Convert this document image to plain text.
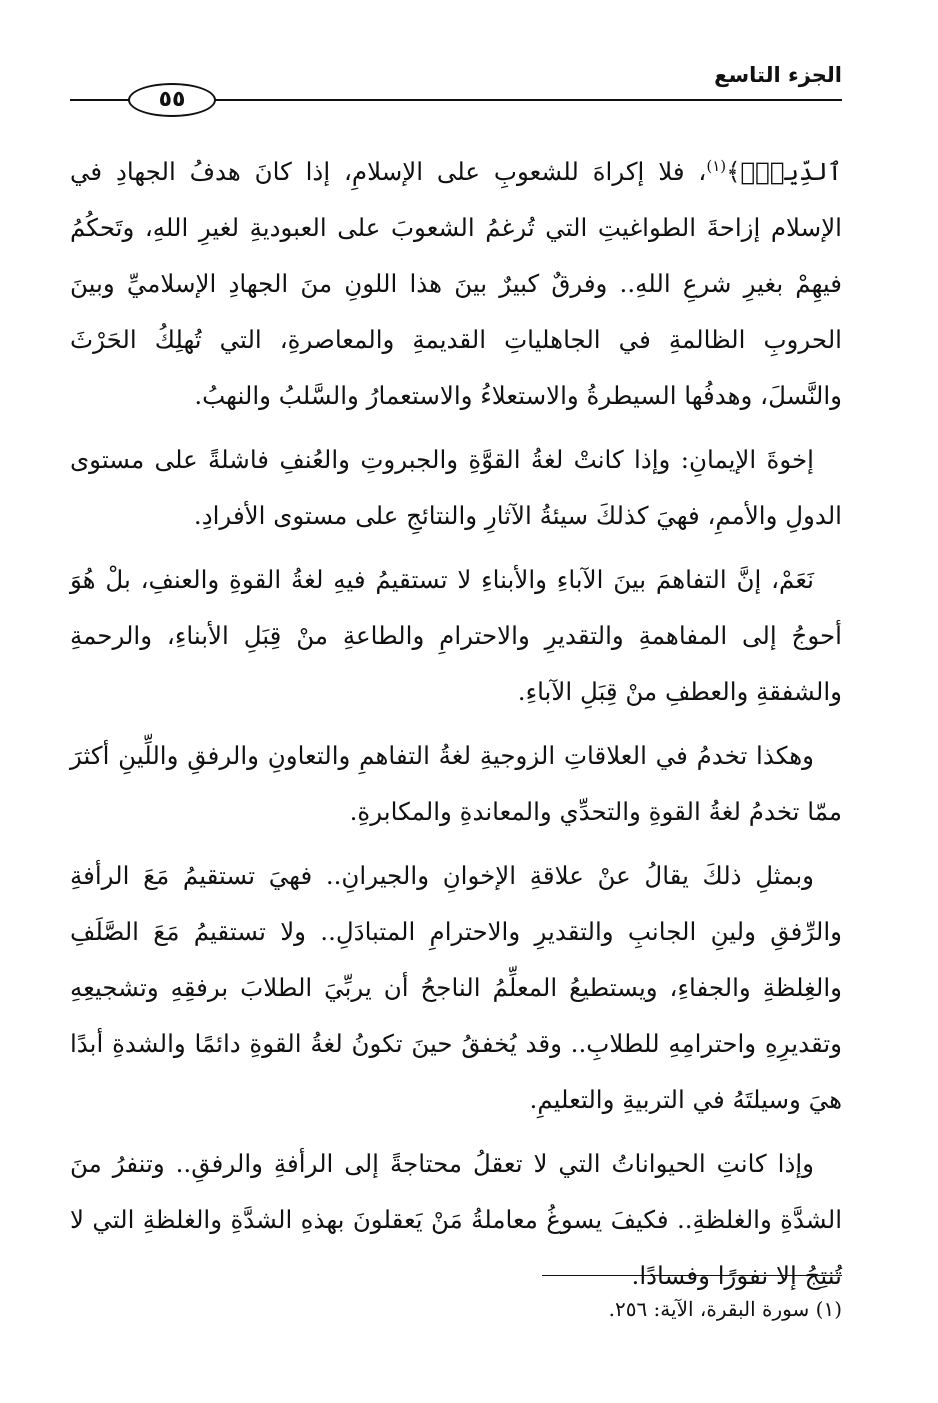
الجزء التاسع
٥٥

ٱلدِّينِۖ﴾$^{(١)}$، فلا إكراهَ للشعوبِ على الإسلامِ، إذا كانَ هدفُ الجهادِ في الإسلام إزاحةَ الطواغيتِ التي تُرغمُ الشعوبَ على العبوديةِ لغيرِ اللهِ، وتَحكُمُ فيهِمْ بغيرِ شرعِ اللهِ.. وفرقٌ كبيرٌ بينَ هذا اللونِ منَ الجهادِ الإسلاميِّ وبينَ الحروبِ الظالمةِ في الجاهلياتِ القديمةِ والمعاصرةِ، التي تُهلِكُ الحَرْثَ والنَّسلَ، وهدفُها السيطرةُ والاستعلاءُ والاستعمارُ والسَّلبُ والنهبُ.

إخوةَ الإيمانِ: وإذا كانتْ لغةُ القوَّةِ والجبروتِ والعُنفِ فاشلةً على مستوى الدولِ والأممِ، فهيَ كذلكَ سيئةُ الآثارِ والنتائجِ على مستوى الأفرادِ.

نَعَمْ، إنَّ التفاهمَ بينَ الآباءِ والأبناءِ لا تستقيمُ فيهِ لغةُ القوةِ والعنفِ، بلْ هُوَ أحوجُ إلى المفاهمةِ والتقديرِ والاحترامِ والطاعةِ منْ قِبَلِ الأبناءِ، والرحمةِ والشفقةِ والعطفِ منْ قِبَلِ الآباءِ.

وهكذا تخدمُ في العلاقاتِ الزوجيةِ لغةُ التفاهمِ والتعاونِ والرفقِ واللِّينِ أكثرَ ممّا تخدمُ لغةُ القوةِ والتحدِّي والمعاندةِ والمكابرةِ.

وبمثلِ ذلكَ يقالُ عنْ علاقةِ الإخوانِ والجيرانِ.. فهيَ تستقيمُ مَعَ الرأفةِ والرِّفقِ ولينِ الجانبِ والتقديرِ والاحترامِ المتبادَلِ.. ولا تستقيمُ مَعَ الصَّلَفِ والغِلظةِ والجفاءِ، ويستطيعُ المعلِّمُ الناجحُ أن يربِّيَ الطلابَ برفقِهِ وتشجيعِهِ وتقديرِهِ واحترامِهِ للطلابِ.. وقد يُخفقُ حينَ تكونُ لغةُ القوةِ دائمًا والشدةِ أبدًا هيَ وسيلتَهُ في التربيةِ والتعليمِ.

وإذا كانتِ الحيواناتُ التي لا تعقلُ محتاجةً إلى الرأفةِ والرفقِ.. وتنفرُ منَ الشدَّةِ والغلظةِ.. فكيفَ يسوغُ معاملةُ مَنْ يَعقلونَ بهذهِ الشدَّةِ والغلظةِ التي لا تُنتِجُ إلا نفورًا وفسادًا.

(١) سورة البقرة، الآية: ٢٥٦.
